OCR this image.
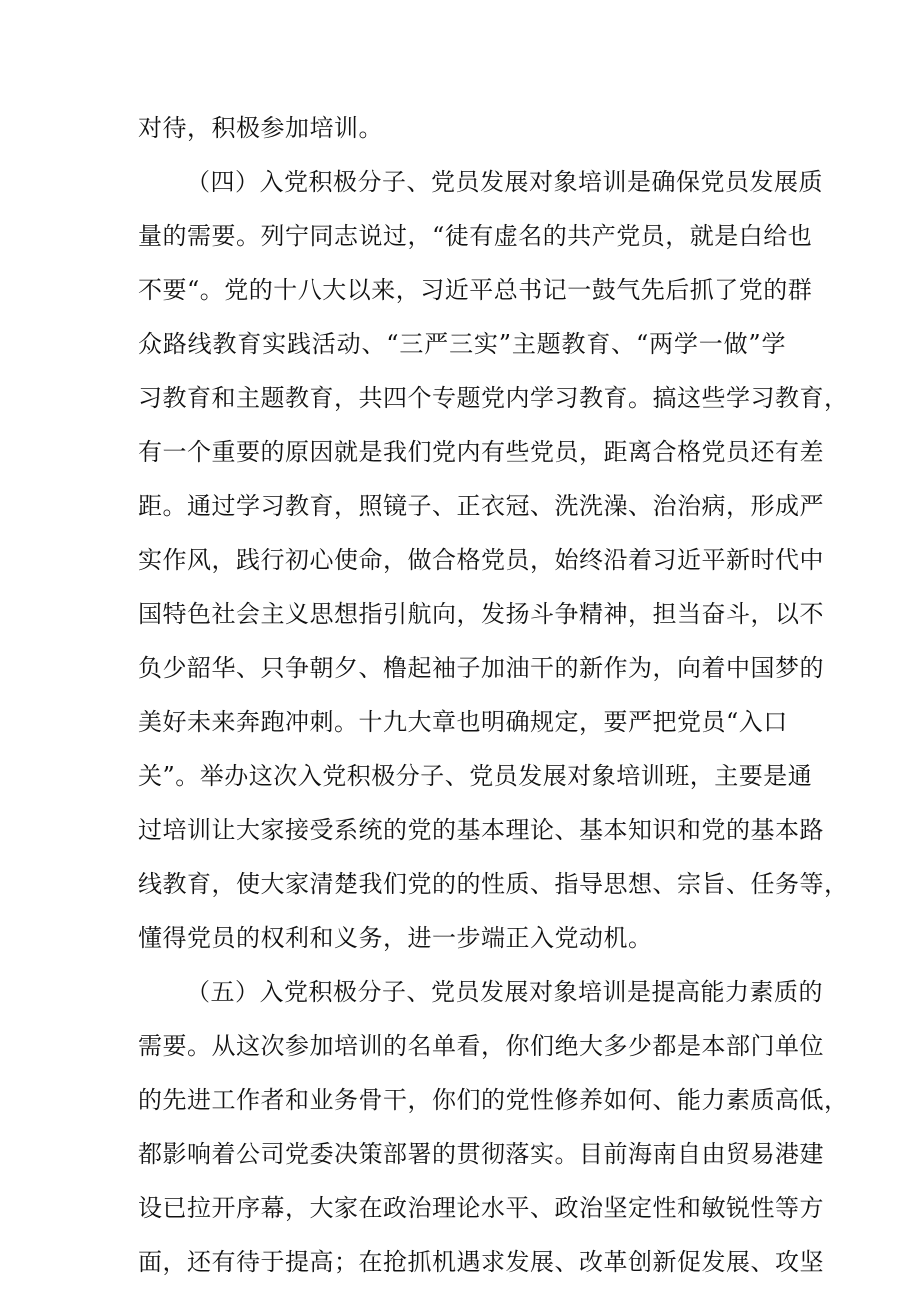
对待，积极参加培训。
（四）入党积极分子、党员发展对象培训是确保党员发展质
量的需要。列宁同志说过，“徒有虚名的共产党员，就是白给也
不要“。党的十八大以来，习近平总书记一鼓气先后抓了党的群
众路线教育实践活动、“三严三实”主题教育、“两学一做”学
习教育和主题教育，共四个专题党内学习教育。搞这些学习教育，
有一个重要的原因就是我们党内有些党员，距离合格党员还有差
距。通过学习教育，照镜子、正衣冠、洗洗澡、治治病，形成严
实作风，践行初心使命，做合格党员，始终沿着习近平新时代中
国特色社会主义思想指引航向，发扬斗争精神，担当奋斗，以不
负少韶华、只争朝夕、橹起袖子加油干的新作为，向着中国梦的
美好未来奔跑冲刺。十九大章也明确规定，要严把党员“入口
关”。举办这次入党积极分子、党员发展对象培训班，主要是通
过培训让大家接受系统的党的基本理论、基本知识和党的基本路
线教育，使大家清楚我们党的的性质、指导思想、宗旨、任务等，
懂得党员的权利和义务，进一步端正入党动机。
（五）入党积极分子、党员发展对象培训是提高能力素质的
需要。从这次参加培训的名单看，你们绝大多少都是本部门单位
的先进工作者和业务骨干，你们的党性修养如何、能力素质高低，
都影响着公司党委决策部署的贯彻落实。目前海南自由贸易港建
设已拉开序幕，大家在政治理论水平、政治坚定性和敏锐性等方
面，还有待于提高；在抢抓机遇求发展、改革创新促发展、攻坚
